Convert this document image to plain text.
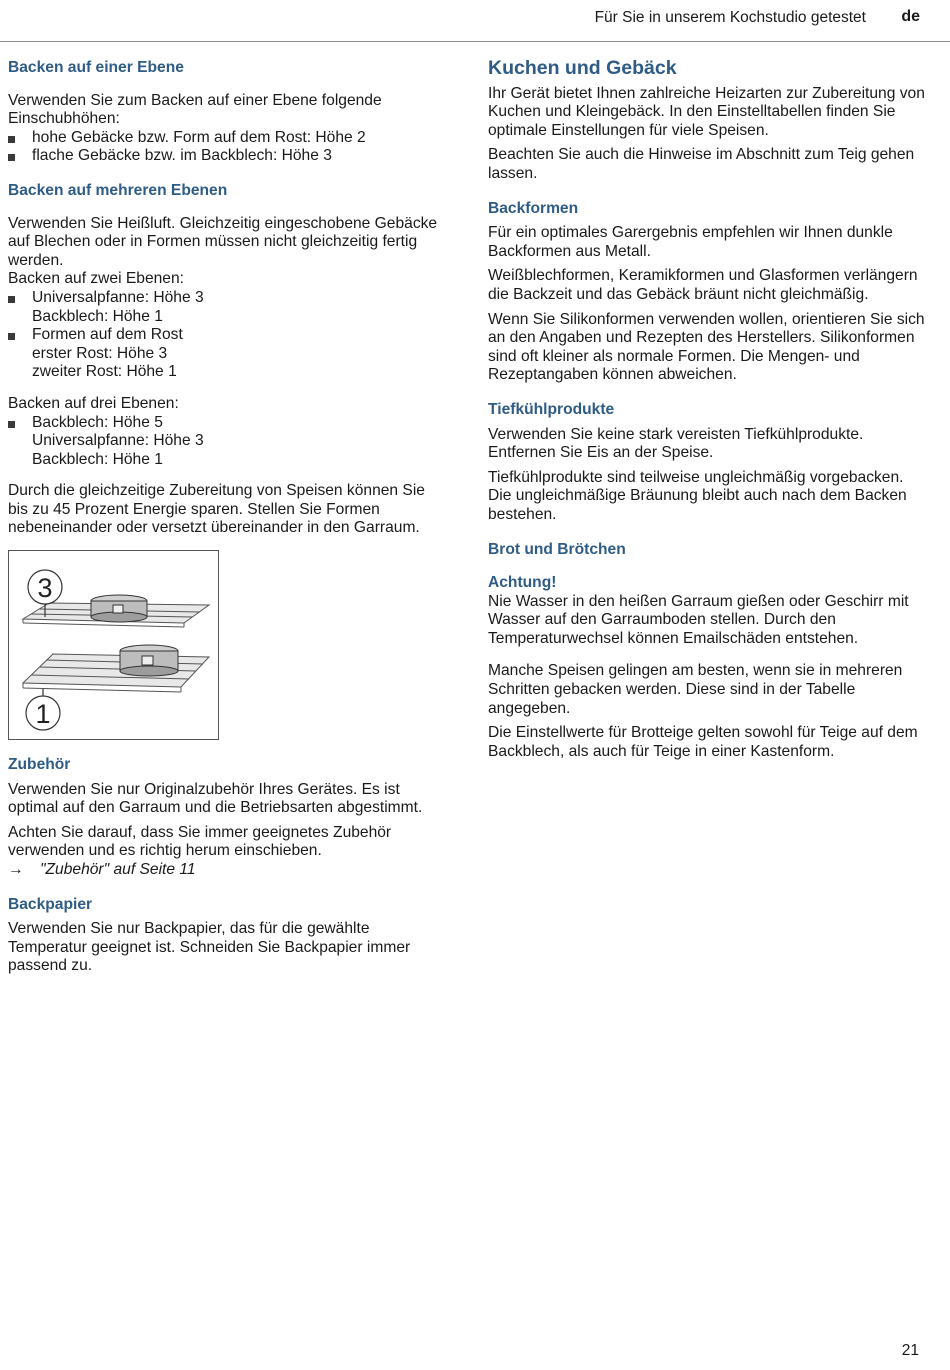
Für Sie in unserem Kochstudio getestet de
Backen auf einer Ebene

Verwenden Sie zum Backen auf einer Ebene folgende Einschubhöhen:

hohe Gebäcke bzw. Form auf dem Rost: Höhe 2
flache Gebäcke bzw. im Backblech: Höhe 3
Backen auf mehreren Ebenen

Verwenden Sie Heißluft. Gleichzeitig eingeschobene Gebäcke auf Blechen oder in Formen müssen nicht gleichzeitig fertig werden.

Backen auf zwei Ebenen:

Universalpfanne: Höhe 3
Backblech: Höhe 1
Formen auf dem Rost
erster Rost: Höhe 3
zweiter Rost: Höhe 1

Backen auf drei Ebenen:

Backblech: Höhe 5
Universalpfanne: Höhe 3
Backblech: Höhe 1

Durch die gleichzeitige Zubereitung von Speisen können Sie bis zu 45 Prozent Energie sparen. Stellen Sie Formen nebeneinander oder versetzt übereinander in den Garraum.

3
1
Zubehör

Verwenden Sie nur Originalzubehör Ihres Gerätes. Es ist optimal auf den Garraum und die Betriebsarten abgestimmt.

Achten Sie darauf, dass Sie immer geeignetes Zubehör verwenden und es richtig herum einschieben.

→	"Zubehör" auf Seite 11
Backpapier

Verwenden Sie nur Backpapier, das für die gewählte Temperatur geeignet ist. Schneiden Sie Backpapier immer passend zu.

Kuchen und Gebäck

Ihr Gerät bietet Ihnen zahlreiche Heizarten zur Zubereitung von Kuchen und Kleingebäck. In den Einstelltabellen finden Sie optimale Einstellungen für viele Speisen.

Beachten Sie auch die Hinweise im Abschnitt zum Teig gehen lassen.

Backformen

Für ein optimales Garergebnis empfehlen wir Ihnen dunkle Backformen aus Metall.

Weißblechformen, Keramikformen und Glasformen verlängern die Backzeit und das Gebäck bräunt nicht gleichmäßig.

Wenn Sie Silikonformen verwenden wollen, orientieren Sie sich an den Angaben und Rezepten des Herstellers. Silikonformen sind oft kleiner als normale Formen. Die Mengen- und Rezeptangaben können abweichen.

Tiefkühlprodukte

Verwenden Sie keine stark vereisten Tiefkühlprodukte. Entfernen Sie Eis an der Speise.

Tiefkühlprodukte sind teilweise ungleichmäßig vorgebacken. Die ungleichmäßige Bräunung bleibt auch nach dem Backen bestehen.

Brot und Brötchen
Achtung!

Nie Wasser in den heißen Garraum gießen oder Geschirr mit Wasser auf den Garraumboden stellen. Durch den Temperaturwechsel können Emailschäden entstehen.

Manche Speisen gelingen am besten, wenn sie in mehreren Schritten gebacken werden. Diese sind in der Tabelle angegeben.

Die Einstellwerte für Brotteige gelten sowohl für Teige auf dem Backblech, als auch für Teige in einer Kastenform.

21
